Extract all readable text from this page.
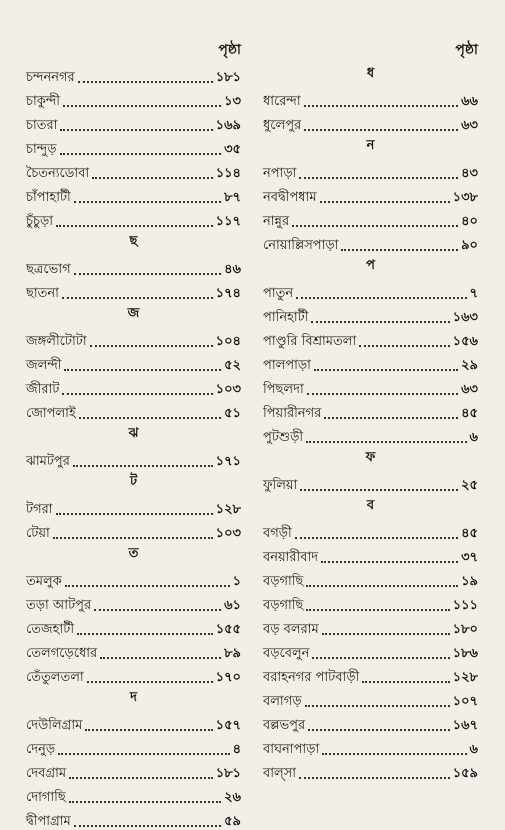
পৃষ্ঠা
চন্দননগর	১৮১
চাকুন্দী	১৩
চাতরা	১৬৯
চান্দুড়	৩৫
চৈতন্যডোবা	১১৪
চাঁপাহাটী	৮৭
চুঁচুড়া	১১৭
ছ
ছত্রভোগ	৪৬
ছাতনা	১৭৪
জ
জঙ্গলীটোটা	১০৪
জলন্দী	৫২
জীরাট	১০৩
জোপলাই	৫১
ঝ
ঝামটপুর	১৭১
ট
টগরা	১২৮
টেয়া	১০৩
ত
তমলুক	১
তড়া আটপুর	৬১
তেজহাটী	১৫৫
তেলগড়েধোর	৮৯
তেঁতুলতলা	১৭০
দ
দেউলিগ্রাম	১৫৭
দেনুড়	৪
দেবগ্রাম	১৮১
দোগাছি	২৬
দ্বীপাগ্রাম	৫৯
পৃষ্ঠা
ধ
ধারেন্দা	৬৬
ধুলেপুর	৬৩
ন
নপাড়া	৪৩
নবদ্বীপধাম	১৩৮
নান্নুর	৪০
নোয়াল্লিসপাড়া	৯০
প
পাতুন	৭
পানিহাটী	১৬৩
পাণ্ডুরি বিশ্রামতলা	১৫৬
পালপাড়া	২৯
পিছলদা	৬৩
পিয়ারীনগর	৪৫
পুটশুড়ী	৬
ফ
ফুলিয়া	২৫
ব
বগড়ী	৪৫
বনয়ারীবাদ	৩৭
বড়গাছি	১৯
বড়গাছি	১১১
বড় বলরাম	১৮০
বড়বেলুন	১৮৬
বরাহনগর পাটবাড়ী	১২৮
বলাগড়	১০৭
বল্লভপুর	১৬৭
বাঘনাপাড়া	৬
বাল্সা	১৫৯
